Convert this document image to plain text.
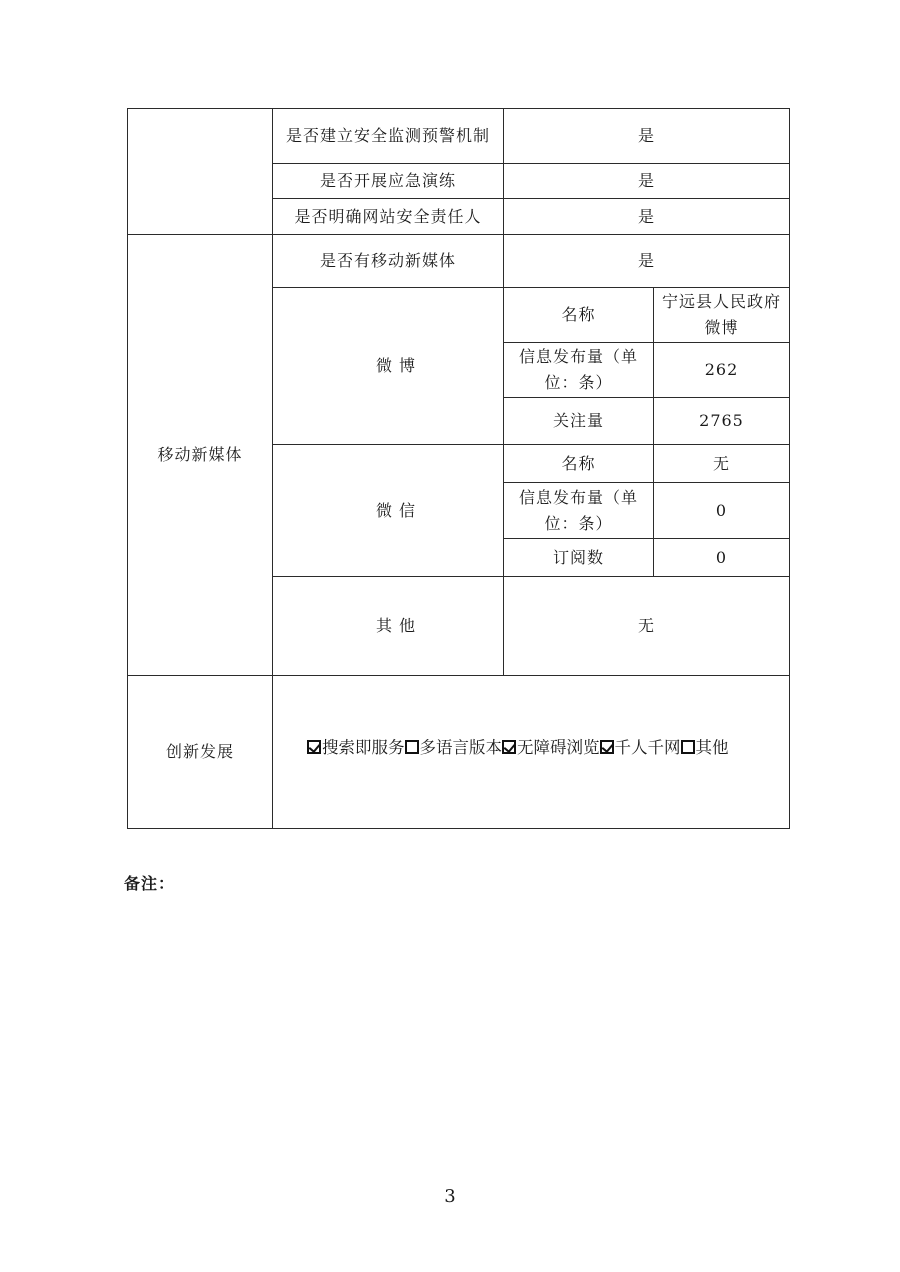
	是否建立安全监测预警机制	是	
	是否开展应急演练	是	
	是否明确网站安全责任人	是	
移动新媒体	是否有移动新媒体	是	
	微 博	名称	宁远县人民政府微博
		信息发布量（单位：条）	262
		关注量	2765
	微 信	名称	无
		信息发布量（单位：条）	0
		订阅数	0
	其 他	无	
创新发展	搜索即服务 多语言版本 无障碍浏览 千人千网 其他		
备注：
3
